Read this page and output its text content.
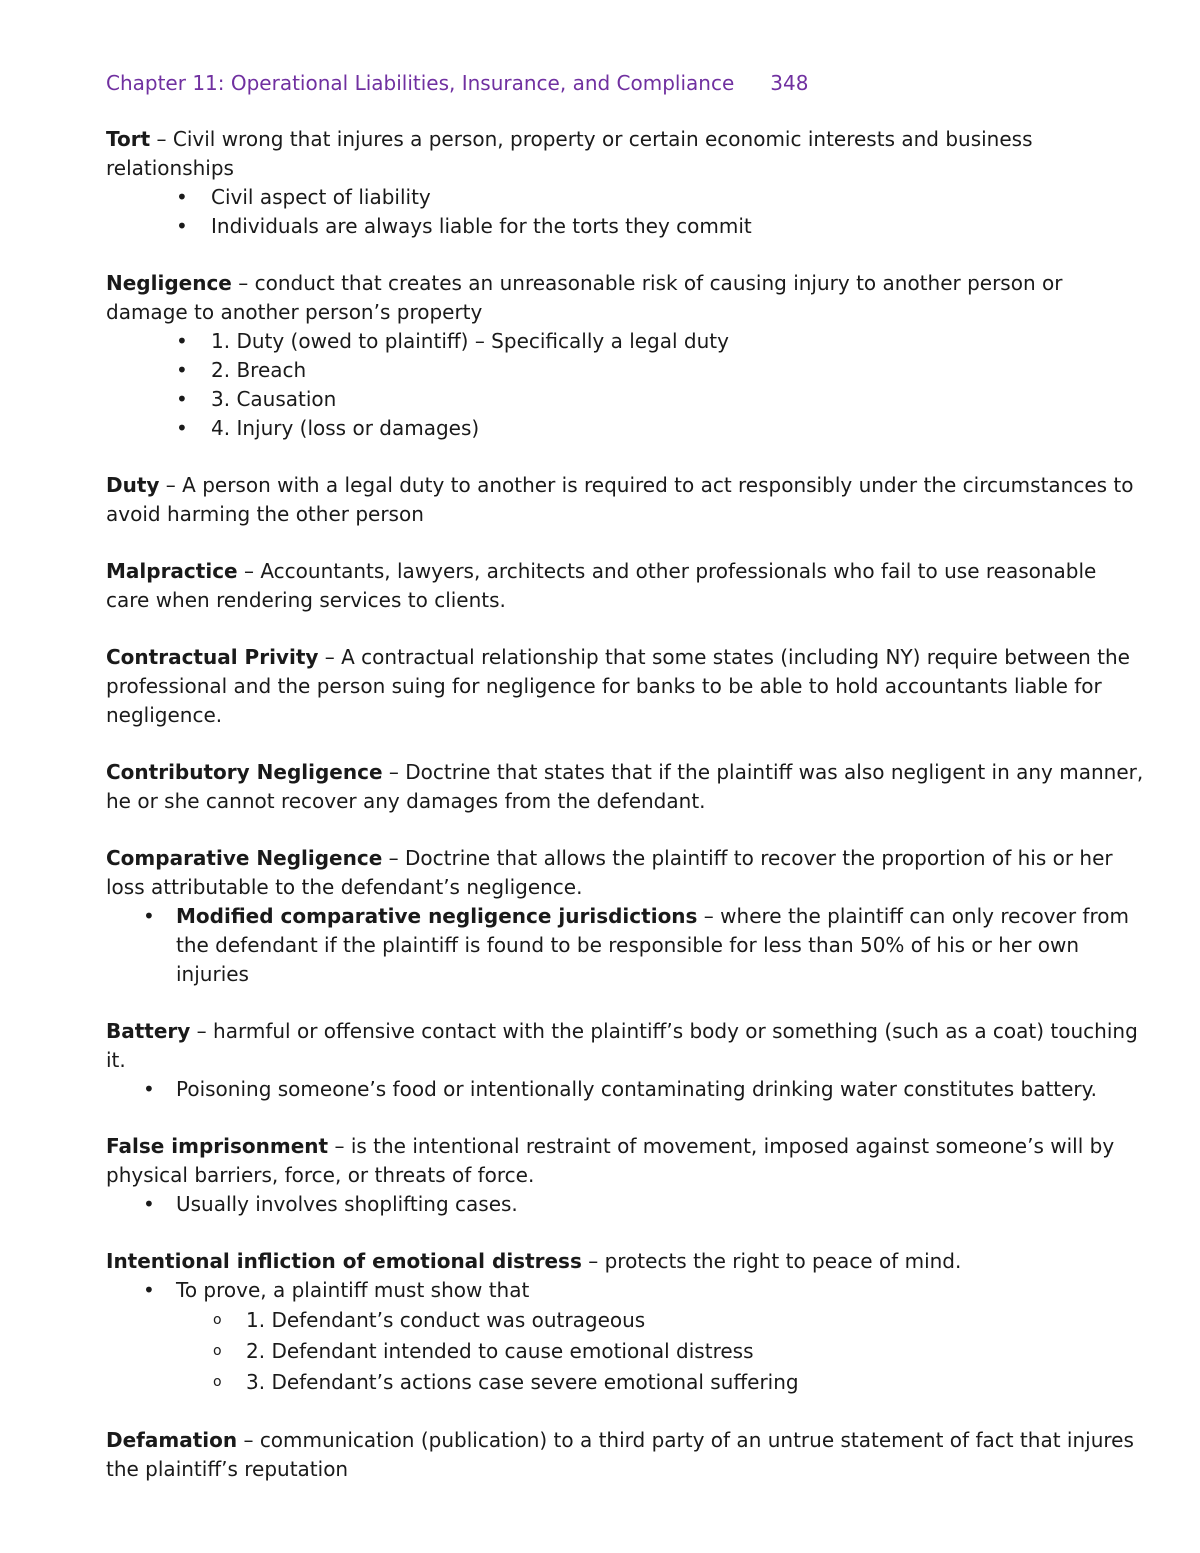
Chapter 11: Operational Liabilities, Insurance, and Compliance 348

Tort – Civil wrong that injures a person, property or certain economic interests and business relationships

• Civil aspect of liability
• Individuals are always liable for the torts they commit

Negligence – conduct that creates an unreasonable risk of causing injury to another person or damage to another person’s property

• 1. Duty (owed to plaintiff) – Specifically a legal duty
• 2. Breach
• 3. Causation
• 4. Injury (loss or damages)

Duty – A person with a legal duty to another is required to act responsibly under the circumstances to avoid harming the other person

Malpractice – Accountants, lawyers, architects and other professionals who fail to use reasonable care when rendering services to clients.

Contractual Privity – A contractual relationship that some states (including NY) require between the professional and the person suing for negligence for banks to be able to hold accountants liable for negligence.

Contributory Negligence – Doctrine that states that if the plaintiff was also negligent in any manner, he or she cannot recover any damages from the defendant.

Comparative Negligence – Doctrine that allows the plaintiff to recover the proportion of his or her loss attributable to the defendant’s negligence.

• Modified comparative negligence jurisdictions – where the plaintiff can only recover from the defendant if the plaintiff is found to be responsible for less than 50% of his or her own injuries

Battery – harmful or offensive contact with the plaintiff’s body or something (such as a coat) touching it.

• Poisoning someone’s food or intentionally contaminating drinking water constitutes battery.

False imprisonment – is the intentional restraint of movement, imposed against someone’s will by physical barriers, force, or threats of force.

• Usually involves shoplifting cases.

Intentional infliction of emotional distress – protects the right to peace of mind.

• To prove, a plaintiff must show that
o 1. Defendant’s conduct was outrageous
o 2. Defendant intended to cause emotional distress
o 3. Defendant’s actions case severe emotional suffering

Defamation – communication (publication) to a third party of an untrue statement of fact that injures the plaintiff’s reputation
